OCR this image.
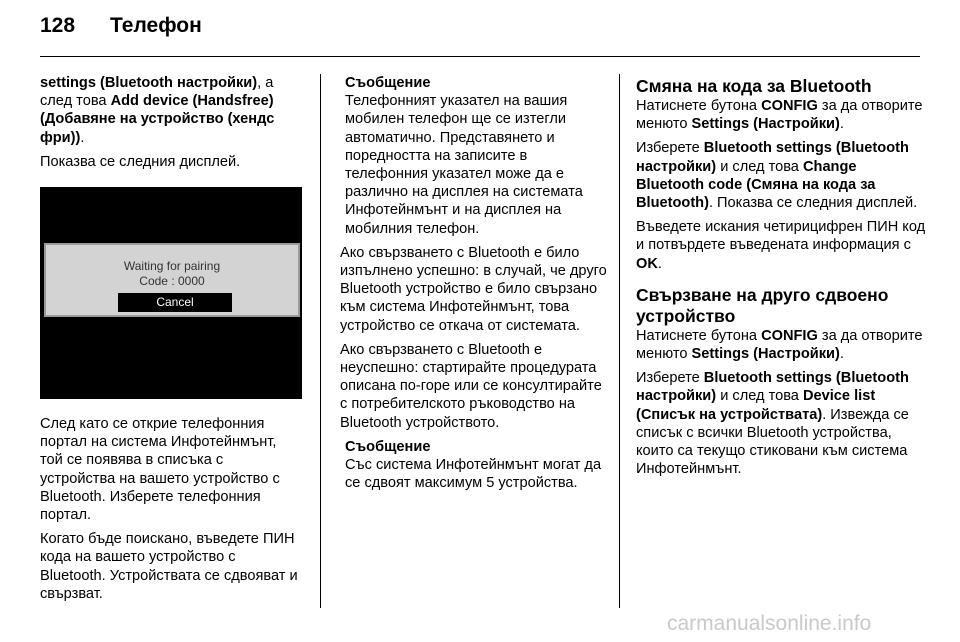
128 Телефон

settings (Bluetooth настройки), а след това Add device (Handsfree) (Добавяне на устройство (хендс фри)).

Показва се следния дисплей.

Waiting for pairing
Code : 0000
Cancel

След като се открие телефонния портал на система Инфотейнмънт, той се появява в списъка с устройства на вашето устройство с Bluetooth. Изберете телефонния портал.

Когато бъде поискано, въведете ПИН кода на вашето устройство с Bluetooth. Устройствата се сдвояват и свързват.

Съобщение
Телефонният указател на вашия мобилен телефон ще се изтегли автоматично. Представянето и поредността на записите в телефонния указател може да е различно на дисплея на системата Инфотейнмънт и на дисплея на мобилния телефон.

Ако свързването с Bluetooth е било изпълнено успешно: в случай, че друго Bluetooth устройство е било свързано към система Инфотейнмънт, това устройство се откача от системата.

Ако свързването с Bluetooth е неуспешно: стартирайте процедурата описана по-горе или се консултирайте с потребителското ръководство на Bluetooth устройството.

Съобщение
Със система Инфотейнмънт могат да се сдвоят максимум 5 устройства.
Смяна на кода за Bluetooth

Натиснете бутона CONFIG за да отворите менюто Settings (Настройки).

Изберете Bluetooth settings (Bluetooth настройки) и след това Change Bluetooth code (Смяна на кода за Bluetooth). Показва се следния дисплей.

Въведете искания четирицифрен ПИН код и потвърдете въведената информация с OK.

Свързване на друго сдвоено устройство

Натиснете бутона CONFIG за да отворите менюто Settings (Настройки).

Изберете Bluetooth settings (Bluetooth настройки) и след това Device list (Списък на устройствата). Извежда се списък с всички Bluetooth устройства, които са текущо стиковани към система Инфотейнмънт.

carmanualsonline.info
